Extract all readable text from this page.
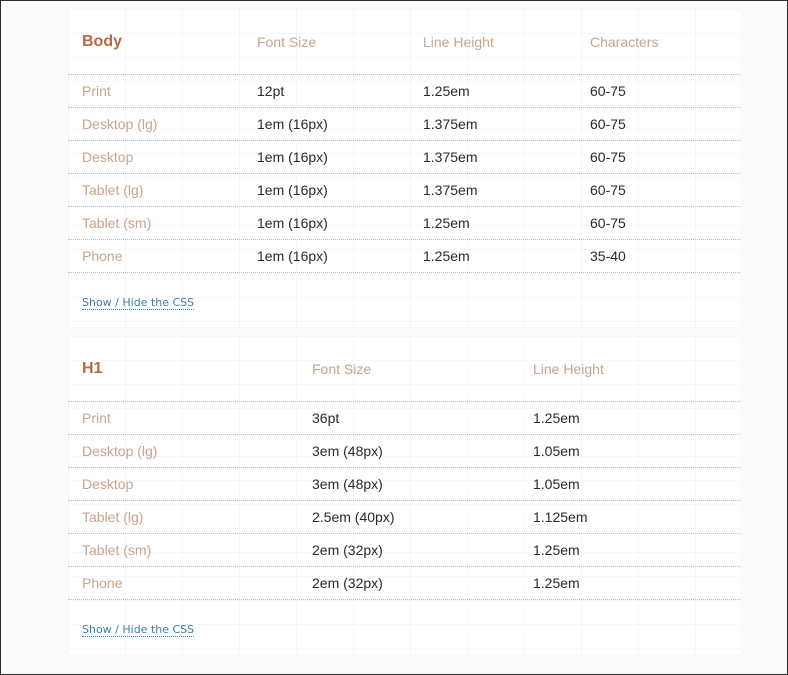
Body	Font Size	Line Height	Characters
Print	12pt	1.25em	60-75
Desktop (lg)	1em (16px)	1.375em	60-75
Desktop	1em (16px)	1.375em	60-75
Tablet (lg)	1em (16px)	1.375em	60-75
Tablet (sm)	1em (16px)	1.25em	60-75
Phone	1em (16px)	1.25em	35-40
Show / Hide the CSS
H1	Font Size	Line Height
Print	36pt	1.25em
Desktop (lg)	3em (48px)	1.05em
Desktop	3em (48px)	1.05em
Tablet (lg)	2.5em (40px)	1.125em
Tablet (sm)	2em (32px)	1.25em
Phone	2em (32px)	1.25em
Show / Hide the CSS
